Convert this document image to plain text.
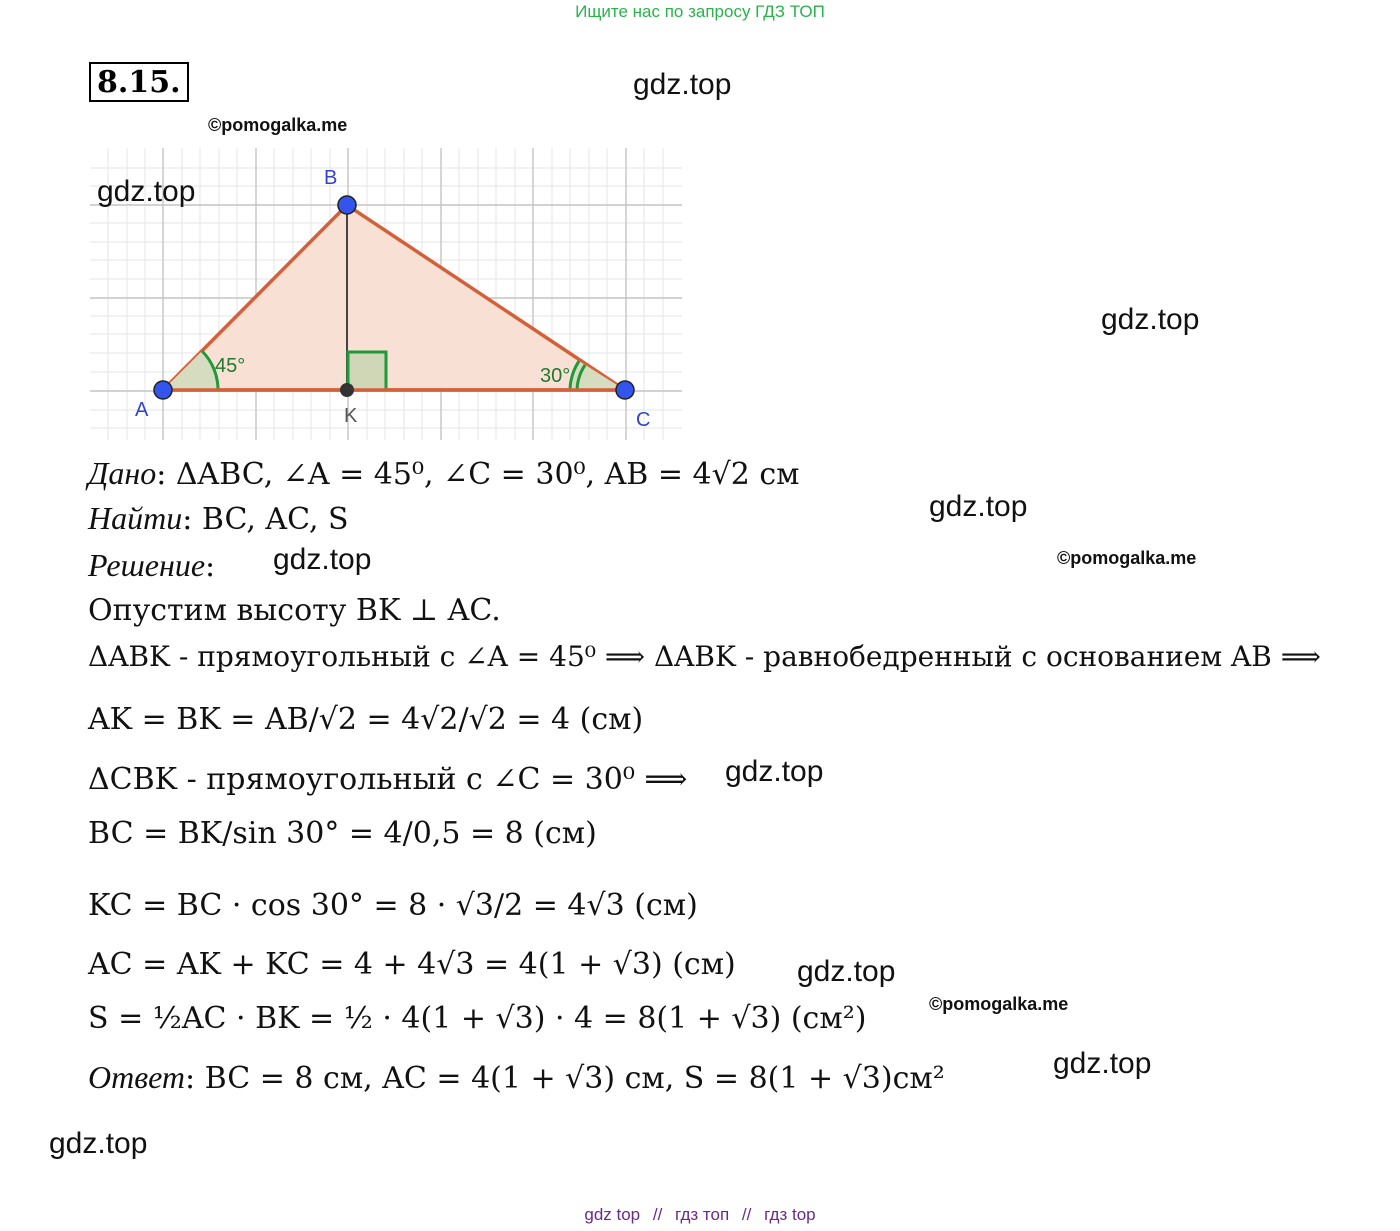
Ищите нас по запросу ГДЗ ТОП
8.15.	gdz.top
©pomogalka.me
A
B
C
K
45°	30°
gdz.top
gdz.top
Дано: ΔABC, ∠A = 45⁰, ∠C = 30⁰, AB = 4√2 см
Найти: BC, AC, S	gdz.top
Решение: gdz.top	©pomogalka.me
Опустим высоту BK ⊥ AC.
ΔABK - прямоугольный с ∠A = 45⁰ ⟹ ΔABK - равнобедренный с основанием AB ⟹
AK = BK = AB/√2 = 4√2/√2 = 4 (см)
ΔCBK - прямоугольный с ∠C = 30⁰ ⟹ gdz.top
BC = BK/sin 30° = 4/0,5 = 8 (см)
KC = BC · cos 30° = 8 · √3/2 = 4√3 (см)
AC = AK + KC = 4 + 4√3 = 4(1 + √3) (см) gdz.top
S = ½AC · BK = ½ · 4(1 + √3) · 4 = 8(1 + √3) (см²)	©pomogalka.me
Ответ: BC = 8 см, AC = 4(1 + √3) см, S = 8(1 + √3)см²	gdz.top
gdz.top
gdz top // гдз топ // гдз top
